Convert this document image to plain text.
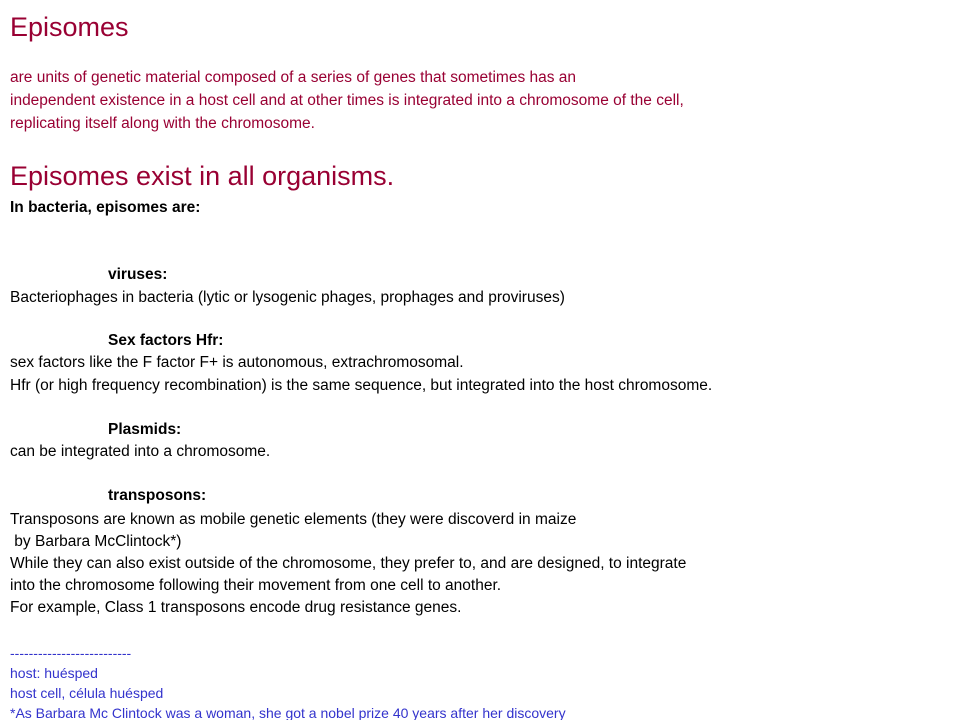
Episomes
are units of genetic material composed of a series of genes that sometimes has an
independent existence in a host cell and at other times is integrated into a chromosome of the cell,
replicating itself along with the chromosome.
Episomes exist in all organisms.
In bacteria, episomes are:
viruses:
Bacteriophages in bacteria (lytic or lysogenic phages, prophages and proviruses)
Sex factors Hfr:
sex factors like the F factor F+ is autonomous, extrachromosomal.
Hfr (or high frequency recombination) is the same sequence, but integrated into the host chromosome.
Plasmids:
can be integrated into a chromosome.
transposons:
Transposons are known as mobile genetic elements (they were discoverd in maize
by Barbara McClintock*)
While they can also exist outside of the chromosome, they prefer to, and are designed, to integrate
into the chromosome following their movement from one cell to another.
For example, Class 1 transposons encode drug resistance genes.
--------------------------
host: huésped
host cell, célula huésped
*As Barbara Mc Clintock was a woman, she got a nobel prize 40 years after her discovery
